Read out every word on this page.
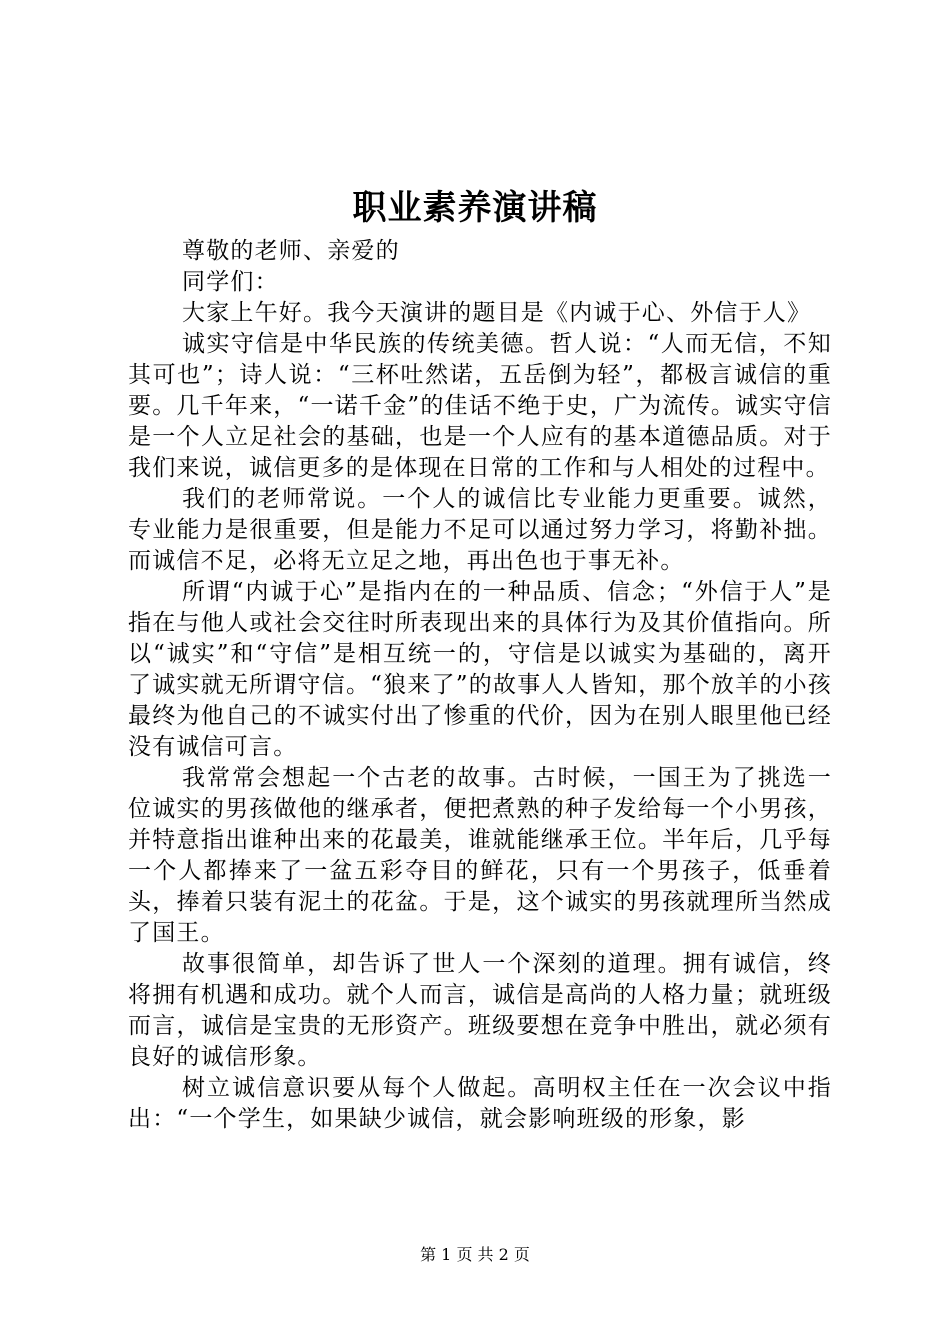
职业素养演讲稿

尊敬的老师、亲爱的

同学们：

大家上午好。我今天演讲的题目是《内诚于心、外信于人》

诚实守信是中华民族的传统美德。哲人说：“人而无信，不知其可也”；诗人说：“三杯吐然诺，五岳倒为轻”，都极言诚信的重要。几千年来，“一诺千金”的佳话不绝于史，广为流传。诚实守信是一个人立足社会的基础，也是一个人应有的基本道德品质。对于我们来说，诚信更多的是体现在日常的工作和与人相处的过程中。

我们的老师常说。一个人的诚信比专业能力更重要。诚然，专业能力是很重要，但是能力不足可以通过努力学习，将勤补拙。而诚信不足，必将无立足之地，再出色也于事无补。

所谓“内诚于心”是指内在的一种品质、信念；“外信于人”是指在与他人或社会交往时所表现出来的具体行为及其价值指向。所以“诚实”和“守信”是相互统一的，守信是以诚实为基础的，离开了诚实就无所谓守信。“狼来了”的故事人人皆知，那个放羊的小孩最终为他自己的不诚实付出了惨重的代价，因为在别人眼里他已经没有诚信可言。

我常常会想起一个古老的故事。古时候，一国王为了挑选一位诚实的男孩做他的继承者，便把煮熟的种子发给每一个小男孩，并特意指出谁种出来的花最美，谁就能继承王位。半年后，几乎每一个人都捧来了一盆五彩夺目的鲜花，只有一个男孩子，低垂着头，捧着只装有泥土的花盆。于是，这个诚实的男孩就理所当然成了国王。

故事很简单，却告诉了世人一个深刻的道理。拥有诚信，终将拥有机遇和成功。就个人而言，诚信是高尚的人格力量；就班级而言，诚信是宝贵的无形资产。班级要想在竞争中胜出，就必须有良好的诚信形象。

树立诚信意识要从每个人做起。高明权主任在一次会议中指出：“一个学生，如果缺少诚信，就会影响班级的形象，影

第 1 页 共 2 页
